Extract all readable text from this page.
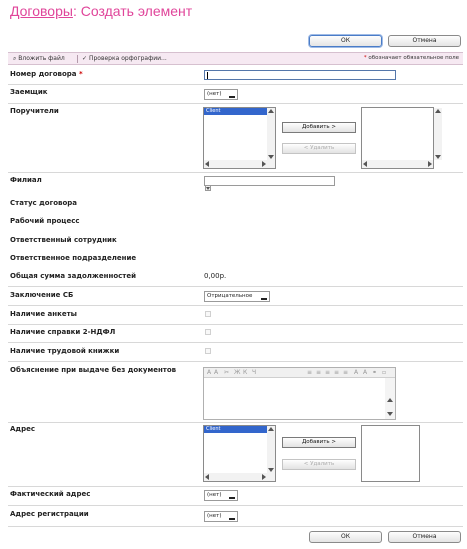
Договоры: Создать элемент
ОК	Отмена
⌕ Вложить файл	✓ Проверка орфографии...	* обозначает обязательное поле
Номер договора *
Заемщик	(нет)
Поручители	Client
Добавить >
< Удалить
Филиал
Статус договора
Рабочий процесс
Ответственный сотрудник
Ответственное подразделение
Общая сумма задолженностей	0,00р.
Заключение СБ	Отрицательное
Наличие анкеты
Наличие справки 2-НДФЛ
Наличие трудовой книжки
Объяснение при выдаче без документов	A A ✂ Ж К Ч	≡ ≡ ≡ ≡ ≡ A A ⚭ ▫
Адрес	Client
Добавить >
< Удалить
Фактический адрес	(нет)
Адрес регистрации	(нет)
ОК	Отмена
